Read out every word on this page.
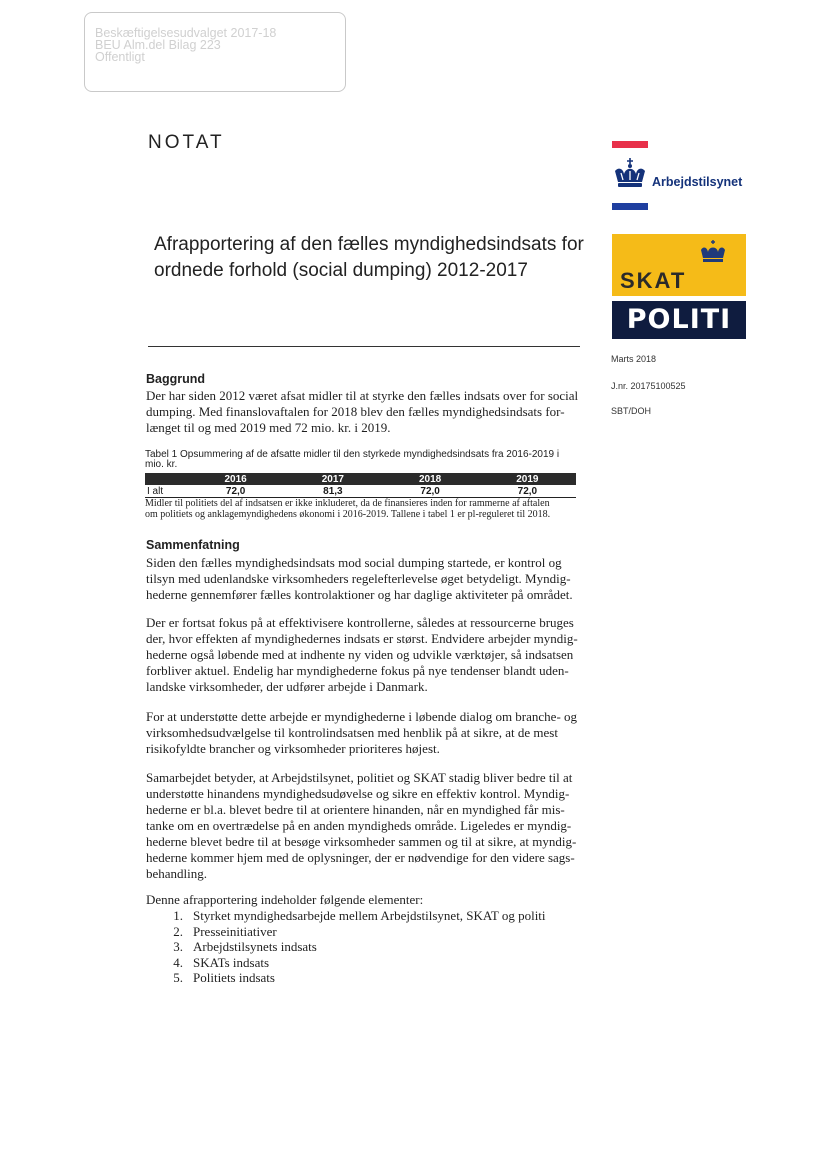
Beskæftigelsesudvalget 2017-18
BEU Alm.del Bilag 223
Offentligt
NOTAT
Afrapportering af den fælles myndighedsindsats for
ordnede forhold (social dumping) 2012-2017
Arbejdstilsynet
SKAT
POLITI
Marts 2018
J.nr. 20175100525
SBT/DOH
Baggrund
Der har siden 2012 været afsat midler til at styrke den fælles indsats over for social
dumping. Med finanslovaftalen for 2018 blev den fælles myndighedsindsats for-
længet til og med 2019 med 72 mio. kr. i 2019.
Tabel 1 Opsummering af de afsatte midler til den styrkede myndighedsindsats fra 2016-2019 i
mio. kr.
	2016	2017	2018	2019
I alt	72,0	81,3	72,0	72,0
Midler til politiets del af indsatsen er ikke inkluderet, da de finansieres inden for rammerne af aftalen
om politiets og anklagemyndighedens økonomi i 2016-2019. Tallene i tabel 1 er pl-reguleret til 2018.
Sammenfatning
Siden den fælles myndighedsindsats mod social dumping startede, er kontrol og
tilsyn med udenlandske virksomheders regelefterlevelse øget betydeligt. Myndig-
hederne gennemfører fælles kontrolaktioner og har daglige aktiviteter på området.
Der er fortsat fokus på at effektivisere kontrollerne, således at ressourcerne bruges
der, hvor effekten af myndighedernes indsats er størst. Endvidere arbejder myndig-
hederne også løbende med at indhente ny viden og udvikle værktøjer, så indsatsen
forbliver aktuel. Endelig har myndighederne fokus på nye tendenser blandt uden-
landske virksomheder, der udfører arbejde i Danmark.
For at understøtte dette arbejde er myndighederne i løbende dialog om branche- og
virksomhedsudvælgelse til kontrolindsatsen med henblik på at sikre, at de mest
risikofyldte brancher og virksomheder prioriteres højest.
Samarbejdet betyder, at Arbejdstilsynet, politiet og SKAT stadig bliver bedre til at
understøtte hinandens myndighedsudøvelse og sikre en effektiv kontrol. Myndig-
hederne er bl.a. blevet bedre til at orientere hinanden, når en myndighed får mis-
tanke om en overtrædelse på en anden myndigheds område. Ligeledes er myndig-
hederne blevet bedre til at besøge virksomheder sammen og til at sikre, at myndig-
hederne kommer hjem med de oplysninger, der er nødvendige for den videre sags-
behandling.
Denne afrapportering indeholder følgende elementer:
1. Styrket myndighedsarbejde mellem Arbejdstilsynet, SKAT og politi
2. Presseinitiativer
3. Arbejdstilsynets indsats
4. SKATs indsats
5. Politiets indsats
